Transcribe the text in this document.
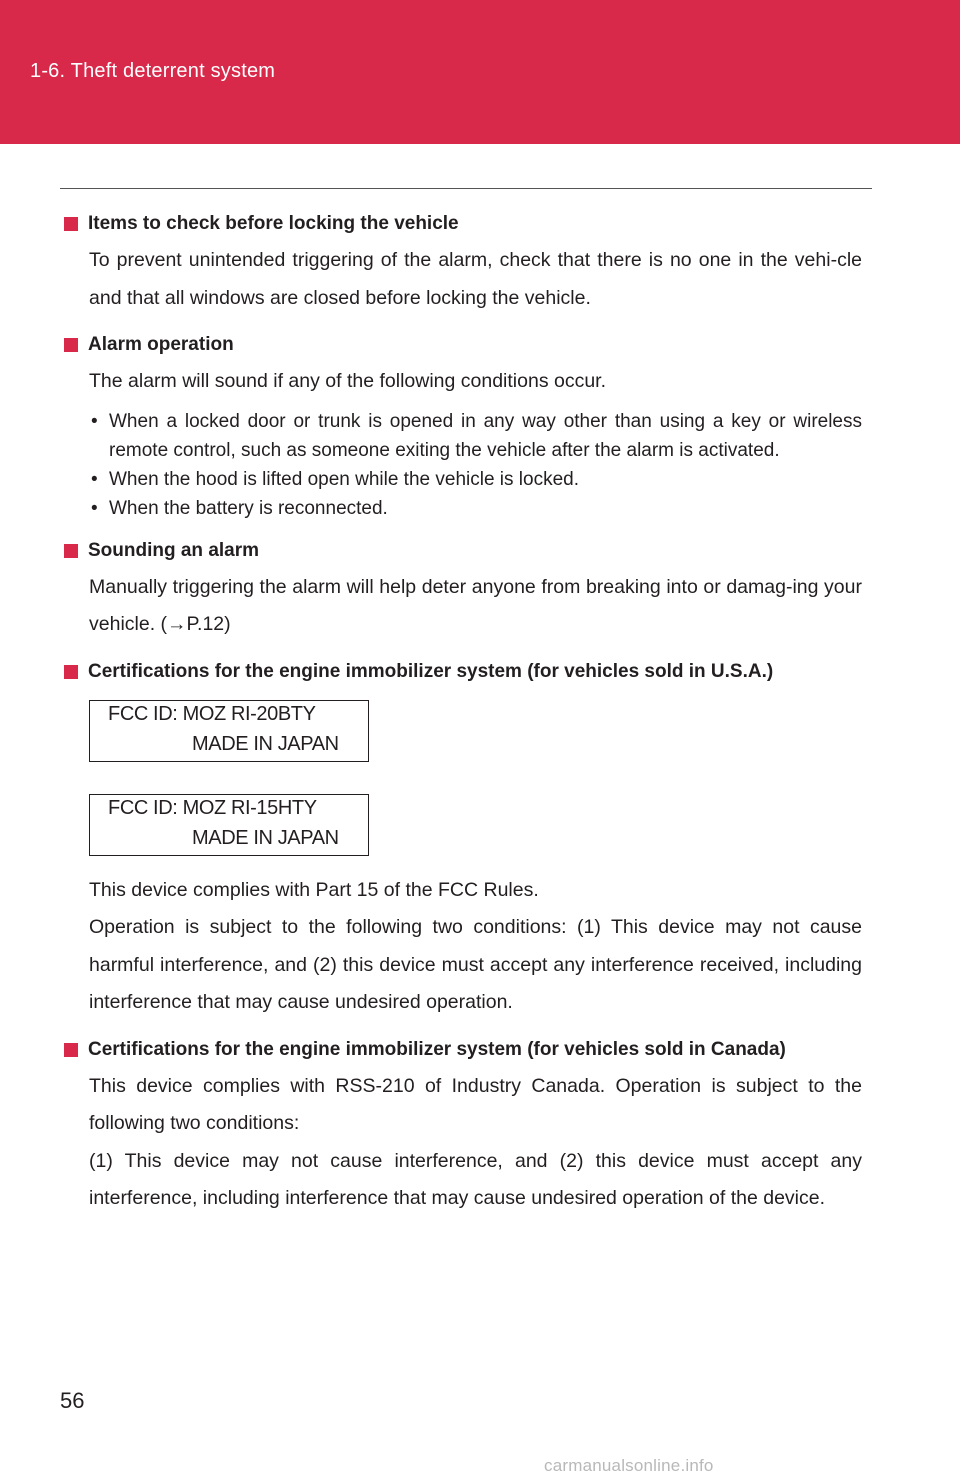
1-6. Theft deterrent system
Items to check before locking the vehicle

To prevent unintended triggering of the alarm, check that there is no one in the vehi-cle and that all windows are closed before locking the vehicle.

Alarm operation

The alarm will sound if any of the following conditions occur.

• When a locked door or trunk is opened in any way other than using a key or wireless remote control, such as someone exiting the vehicle after the alarm is activated.
• When the hood is lifted open while the vehicle is locked.
• When the battery is reconnected.
Sounding an alarm

Manually triggering the alarm will help deter anyone from breaking into or damag-ing your vehicle. (→P.12)

Certifications for the engine immobilizer system (for vehicles sold in U.S.A.)
FCC ID: MOZ RI-20BTY
MADE IN JAPAN
FCC ID: MOZ RI-15HTY
MADE IN JAPAN

This device complies with Part 15 of the FCC Rules.

Operation is subject to the following two conditions: (1) This device may not cause harmful interference, and (2) this device must accept any interference received, including interference that may cause undesired operation.

Certifications for the engine immobilizer system (for vehicles sold in Canada)

This device complies with RSS-210 of Industry Canada. Operation is subject to the following two conditions:

(1) This device may not cause interference, and (2) this device must accept any interference, including interference that may cause undesired operation of the device.

56
carmanualsonline.info
